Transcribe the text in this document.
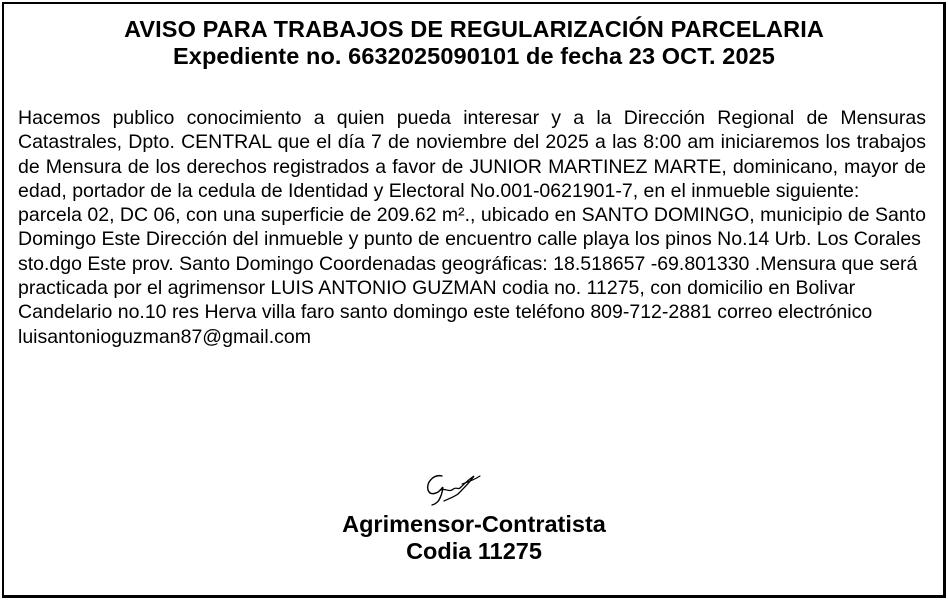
AVISO PARA TRABAJOS DE REGULARIZACIÓN PARCELARIA
Expediente no. 6632025090101 de fecha 23 OCT. 2025

Hacemos publico conocimiento a quien pueda interesar y a la Dirección Regional de Mensuras Catastrales, Dpto. CENTRAL que el día 7 de noviembre del 2025 a las 8:00 am iniciaremos los trabajos de Mensura de los derechos registrados a favor de JUNIOR MARTINEZ MARTE, dominicano, mayor de edad, portador de la cedula de Identidad y Electoral No.001-0621901-7, en el inmueble siguiente:

parcela 02, DC 06, con una superficie de 209.62 m²., ubicado en SANTO DOMINGO, municipio de Santo Domingo Este Dirección del inmueble y punto de encuentro calle playa los pinos No.14 Urb. Los Corales sto.dgo Este prov. Santo Domingo Coordenadas geográficas: 18.518657 -69.801330 .Mensura que será practicada por el agrimensor LUIS ANTONIO GUZMAN codia no. 11275, con domicilio en Bolivar Candelario no.10 res Herva villa faro santo domingo este teléfono 809-712-2881 correo electrónico luisantonioguzman87@gmail.com

Agrimensor-Contratista
Codia 11275
